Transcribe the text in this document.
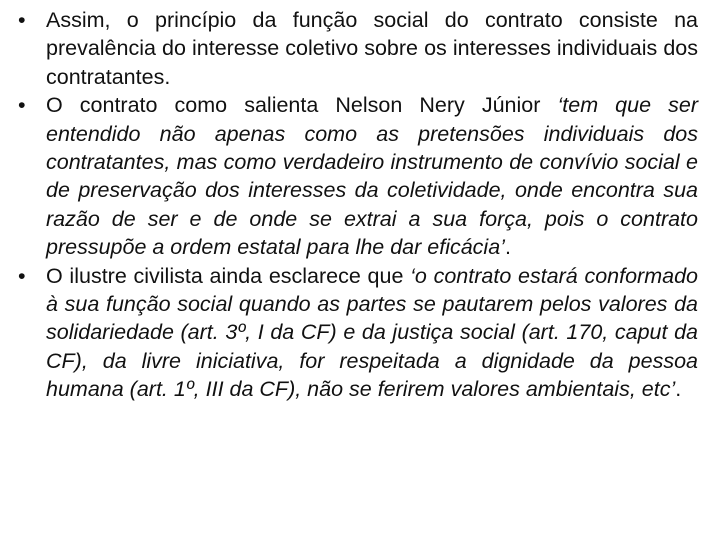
• Assim, o princípio da função social do contrato consiste na prevalência do interesse coletivo sobre os interesses individuais dos contratantes.
• O contrato como salienta Nelson Nery Júnior ‘tem que ser entendido não apenas como as pretensões individuais dos contratantes, mas como verdadeiro instrumento de convívio social e de preservação dos interesses da coletividade, onde encontra sua razão de ser e de onde se extrai a sua força, pois o contrato pressupõe a ordem estatal para lhe dar eficácia’.
• O ilustre civilista ainda esclarece que ‘o contrato estará conformado à sua função social quando as partes se pautarem pelos valores da solidariedade (art. 3º, I da CF) e da justiça social (art. 170, caput da CF), da livre iniciativa, for respeitada a dignidade da pessoa humana (art. 1º, III da CF), não se ferirem valores ambientais, etc’.
